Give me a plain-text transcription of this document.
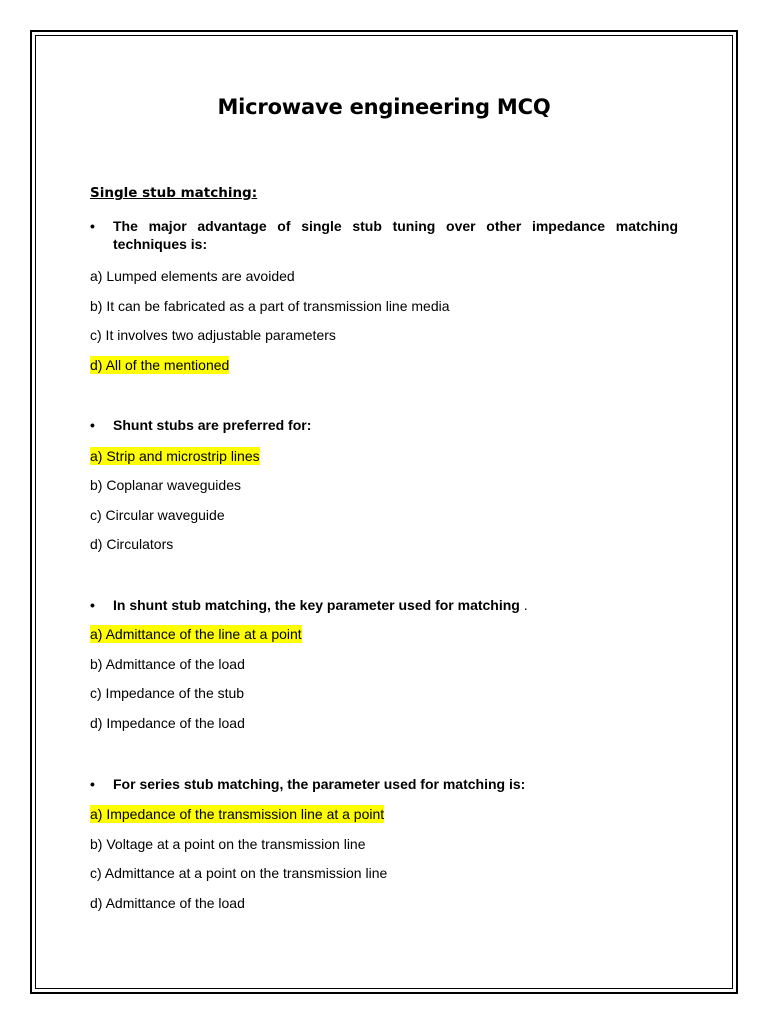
Microwave engineering MCQ
Single stub matching:
• The major advantage of single stub tuning over other impedance matching techniques is:
a) Lumped elements are avoided
b) It can be fabricated as a part of transmission line media
c) It involves two adjustable parameters
d) All of the mentioned
• Shunt stubs are preferred for:
a) Strip and microstrip lines
b) Coplanar waveguides
c) Circular waveguide
d) Circulators
• In shunt stub matching, the key parameter used for matching .
a) Admittance of the line at a point
b) Admittance of the load
c) Impedance of the stub
d) Impedance of the load
• For series stub matching, the parameter used for matching is:
a) Impedance of the transmission line at a point
b) Voltage at a point on the transmission line
c) Admittance at a point on the transmission line
d) Admittance of the load
